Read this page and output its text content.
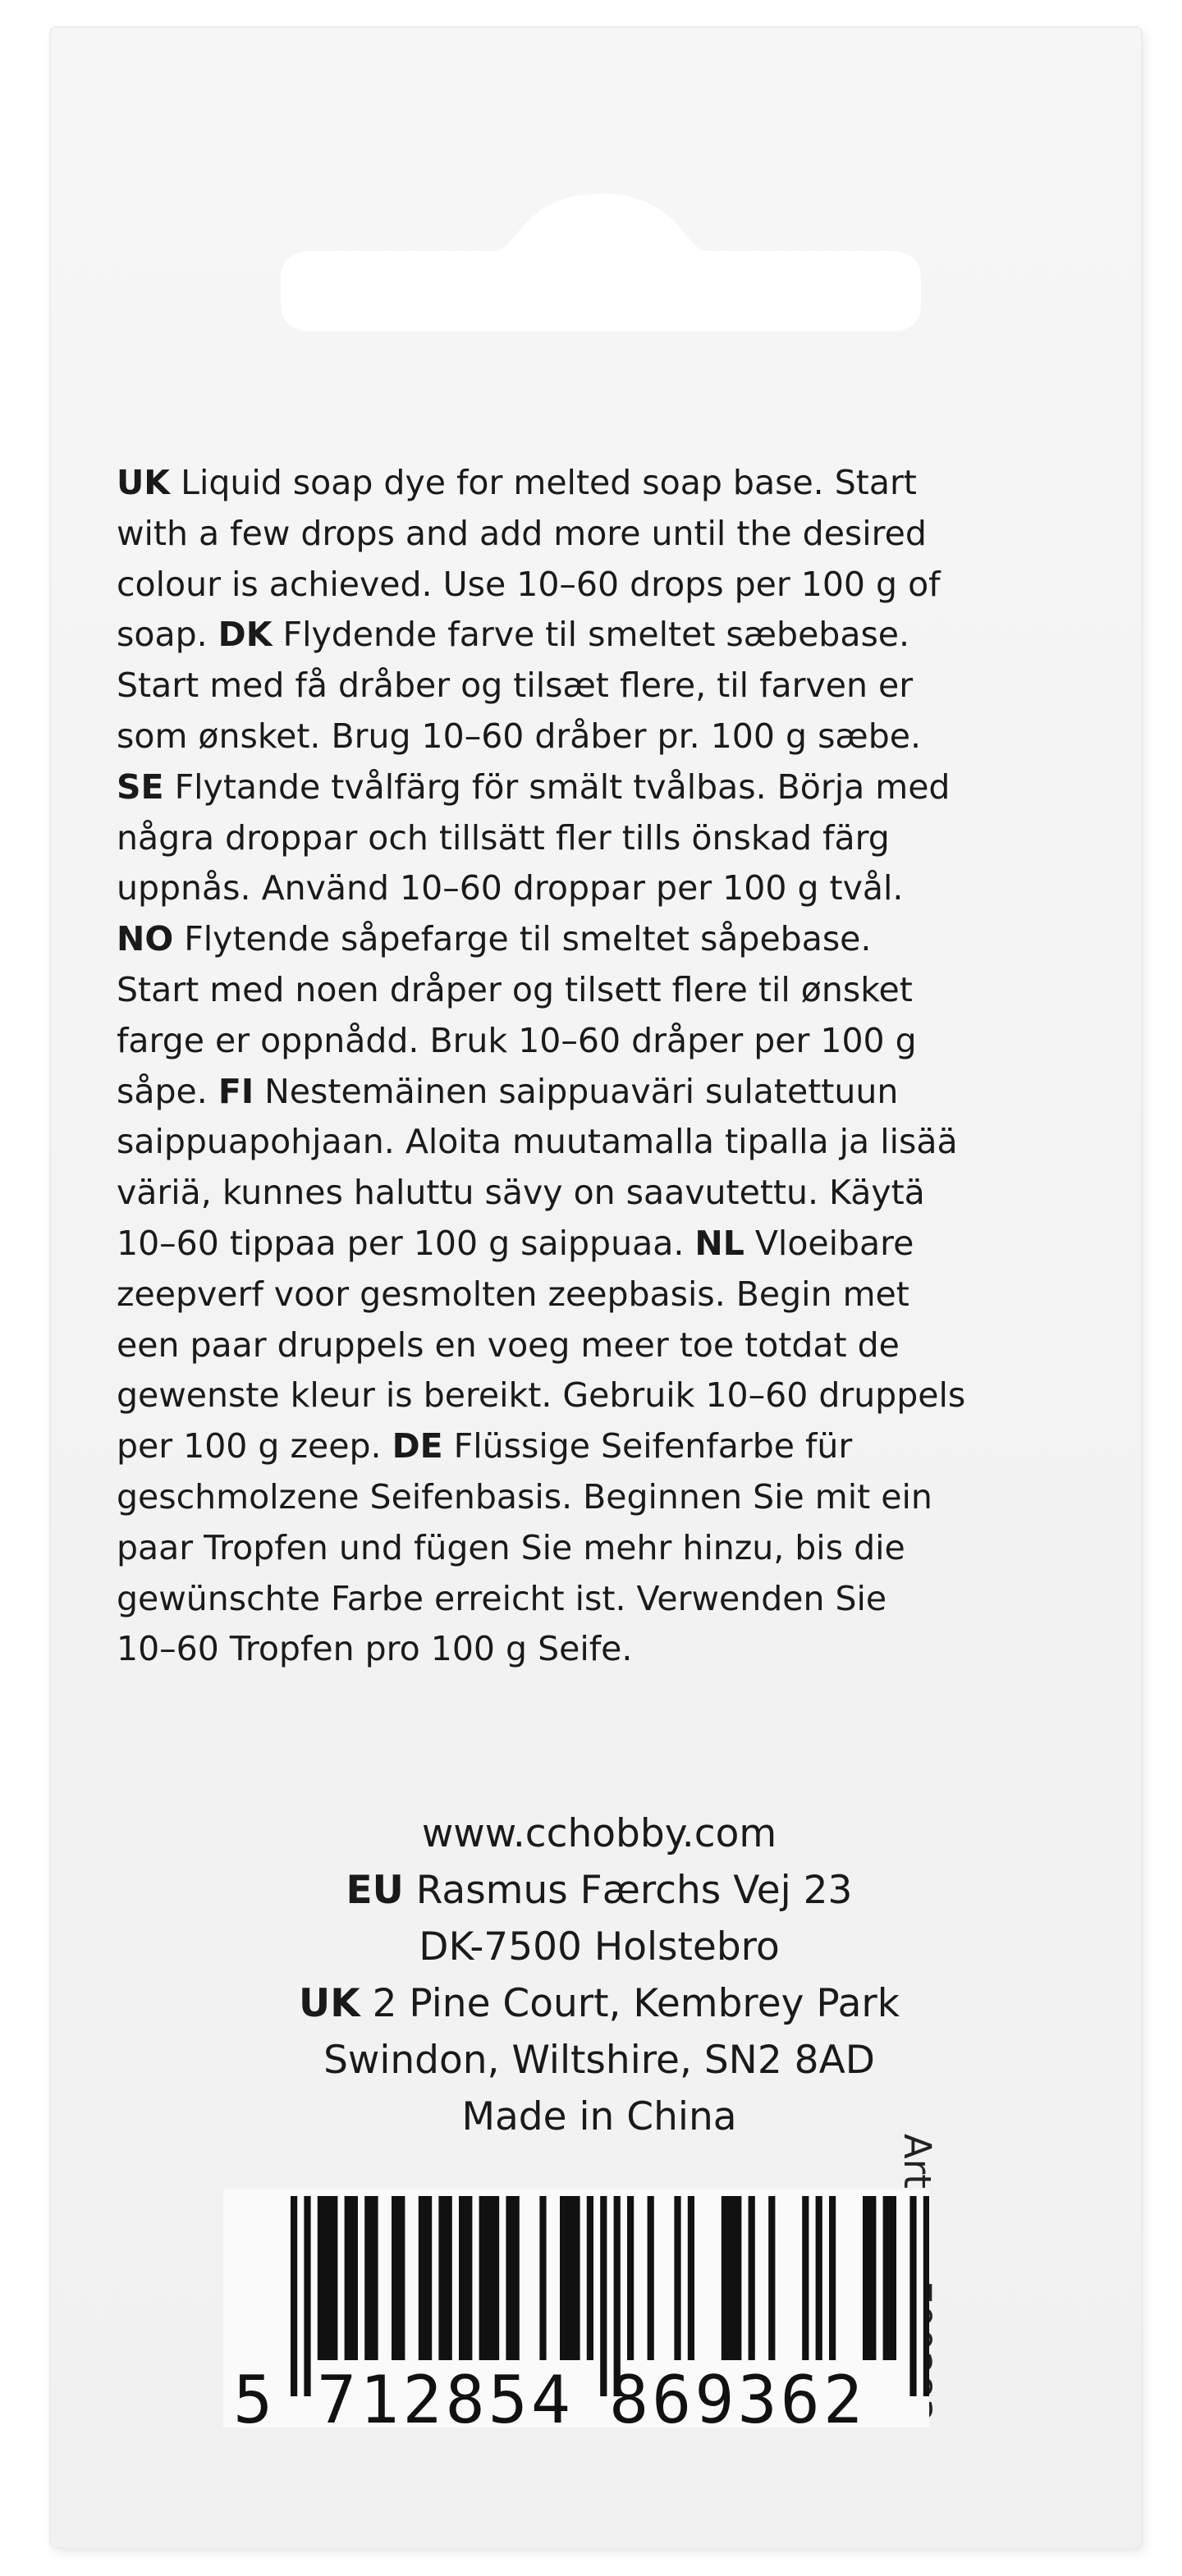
UK Liquid soap dye for melted soap base. Start
with a few drops and add more until the desired
colour is achieved. Use 10–60 drops per 100 g of
soap. DK Flydende farve til smeltet sæbebase.
Start med få dråber og tilsæt flere, til farven er
som ønsket. Brug 10–60 dråber pr. 100 g sæbe.
SE Flytande tvålfärg för smält tvålbas. Börja med
några droppar och tillsätt fler tills önskad färg
uppnås. Använd 10–60 droppar per 100 g tvål.
NO Flytende såpefarge til smeltet såpebase.
Start med noen dråper og tilsett flere til ønsket
farge er oppnådd. Bruk 10–60 dråper per 100 g
såpe. FI Nestemäinen saippuaväri sulatettuun
saippuapohjaan. Aloita muutamalla tipalla ja lisää
väriä, kunnes haluttu sävy on saavutettu. Käytä
10–60 tippaa per 100 g saippuaa. NL Vloeibare
zeepverf voor gesmolten zeepbasis. Begin met
een paar druppels en voeg meer toe totdat de
gewenste kleur is bereikt. Gebruik 10–60 druppels
per 100 g zeep. DE Flüssige Seifenfarbe für
geschmolzene Seifenbasis. Beginnen Sie mit ein
paar Tropfen und fügen Sie mehr hinzu, bis die
gewünschte Farbe erreicht ist. Verwenden Sie
10–60 Tropfen pro 100 g Seife.
www.cchobby.com
EU Rasmus Færchs Vej 23
DK-7500 Holstebro
UK 2 Pine Court, Kembrey Park
Swindon, Wiltshire, SN2 8AD
Made in China
Art.
5 712854 869362
